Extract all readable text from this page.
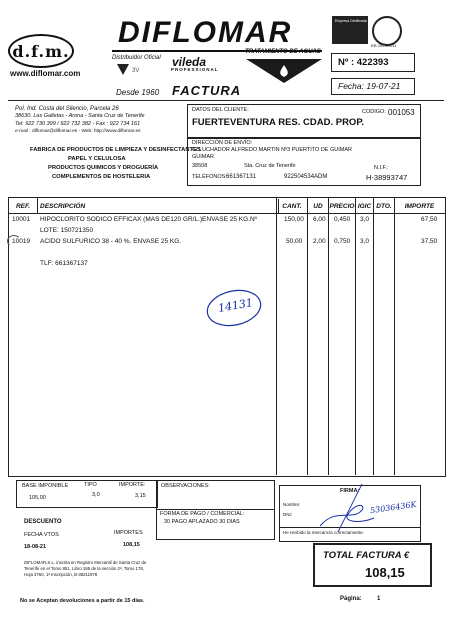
d.f.m.
www.diflomar.com
DIFLOMAR
Distribuidor Oficial
3V
vileda
PROFESSIONAL
TRATAMIENTO DE AGUAS
Desde 1960 FACTURA
Empresa Certificada
ER-1923/2011
Nº : 422393
Fecha: 19-07-21
Pol. Ind. Costa del Silencio, Parcela 26
38630. Las Galletas - Arona - Santa Cruz de Tenerife
Tel: 922 730 399 / 922 732 382 - Fax : 922 734 161
e-mail : diflomar@diflomar.es - Web: http://www.diflomar.es
FABRICA DE PRODUCTOS DE LIMPIEZA Y DESINFECTANTES
PAPEL Y CELULOSA
PRODUCTOS QUIMICOS Y DROGUERÍA
COMPLEMENTOS DE HOSTELERIA
DATOS DEL CLIENTE:
FUERTEVENTURA RES. CDAD. PROP.
CODIGO: 001053
DIRECCIÓN DE ENVÍO:
C/ LUCHADOR ALFREDO MARTIN Nº3 PUERTITO DE GUIMAR
GUIMAR
38508	Sta. Cruz de Tenerife
TELÉFONOS: 661367131	922504534ADM
N.I.F.:
H-38993747
REF.	DESCRIPCIÓN	CANT.	UD	PRECIO IGIC DTO.	IMPORTE
10001 HIPOCLORITO SODICO EFFICAX (MAS DE120 GR/L.)ENVASE 25 KG.Nº	150,00 6,00 0,450 3,0	67,50
LOTE: 150721350
10019 ACIDO SULFURICO 38 - 40 %. ENVASE 25 KG.	50,00 2,00 0,750 3,0	37,50
TLF: 661367137
14131
BASE IMPONIBLE	TIPO	IMPORTE:
105,00	3,0	3,15
DESCUENTO
FECHA VTOS	IMPORTES
18-08-21	108,15
OBSERVACIONES:
FORMA DE PAGO / COMERCIAL:
30 PAGO APLAZADO 30 DIAS
FIRMA:
Nombre:
DNI:
He recibido la mercancía correctamente.
53036436K
TOTAL FACTURA €
108,15
DIFLOMAR,S.L. inscrita en Registro Mercantil de Santa Cruz de
Tenerife en el Tomo 851, Libro 195 de la sección 2ª, Tomo 178,
Hoja 3760, 1ª Inscripción, B-38211978
No se Aceptan devoluciones a partir de 15 días.	Página:	1
